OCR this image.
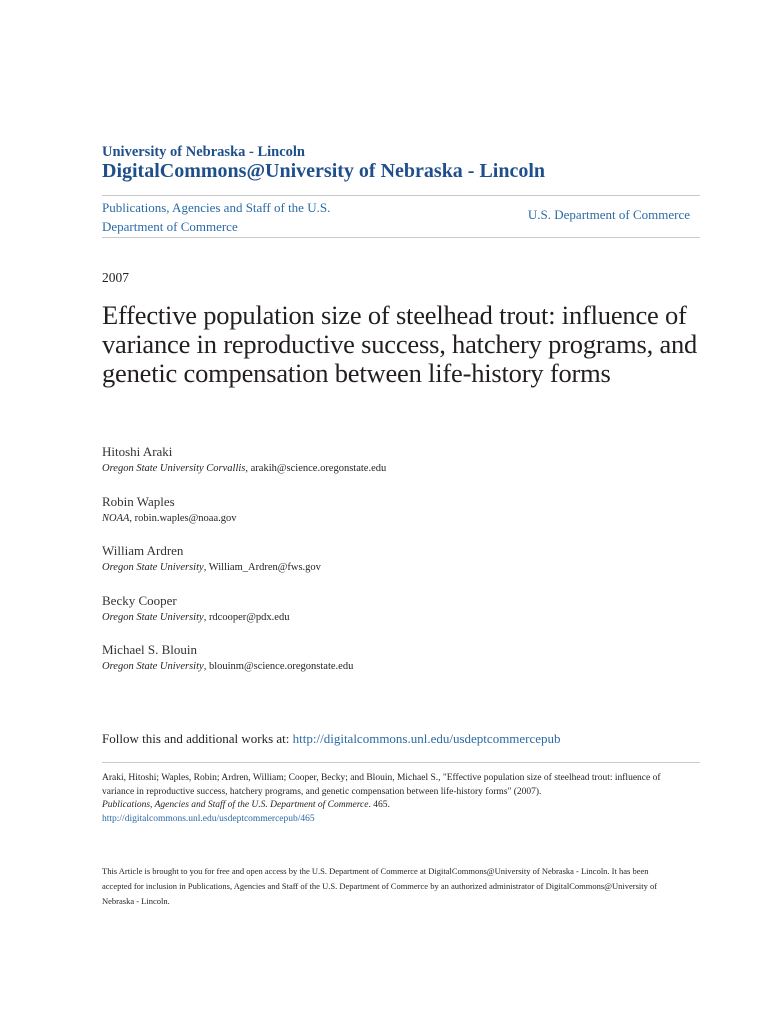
University of Nebraska - Lincoln
DigitalCommons@University of Nebraska - Lincoln
Publications, Agencies and Staff of the U.S. Department of Commerce
U.S. Department of Commerce
2007
Effective population size of steelhead trout: influence of variance in reproductive success, hatchery programs, and genetic compensation between life-history forms
Hitoshi Araki
Oregon State University Corvallis, arakih@science.oregonstate.edu
Robin Waples
NOAA, robin.waples@noaa.gov
William Ardren
Oregon State University, William_Ardren@fws.gov
Becky Cooper
Oregon State University, rdcooper@pdx.edu
Michael S. Blouin
Oregon State University, blouinm@science.oregonstate.edu
Follow this and additional works at: http://digitalcommons.unl.edu/usdeptcommercepub
Araki, Hitoshi; Waples, Robin; Ardren, William; Cooper, Becky; and Blouin, Michael S., "Effective population size of steelhead trout: influence of variance in reproductive success, hatchery programs, and genetic compensation between life-history forms" (2007).
Publications, Agencies and Staff of the U.S. Department of Commerce. 465.
http://digitalcommons.unl.edu/usdeptcommercepub/465
This Article is brought to you for free and open access by the U.S. Department of Commerce at DigitalCommons@University of Nebraska - Lincoln. It has been accepted for inclusion in Publications, Agencies and Staff of the U.S. Department of Commerce by an authorized administrator of DigitalCommons@University of Nebraska - Lincoln.
